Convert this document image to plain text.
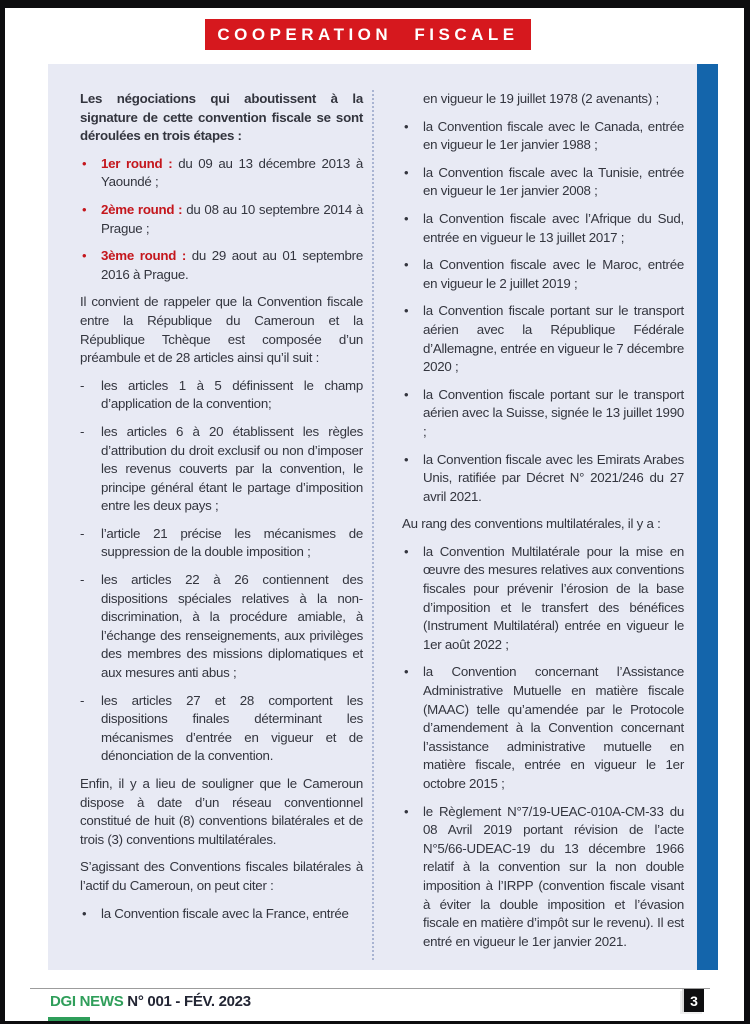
COOPERATION FISCALE

Les négociations qui aboutissent à la signature de cette convention fiscale se sont déroulées en trois étapes :

• 1er round : du 09 au 13 décembre 2013 à Yaoundé ;
• 2ème round : du 08 au 10 septembre 2014 à Prague ;
• 3ème round : du 29 aout au 01 septembre 2016 à Prague.

Il convient de rappeler que la Convention fiscale entre la République du Cameroun et la République Tchèque est composée d’un préambule et de 28 articles ainsi qu’il suit :

- les articles 1 à 5 définissent le champ d’application de la convention;
- les articles 6 à 20 établissent les règles d’attribution du droit exclusif ou non d’imposer les revenus couverts par la convention, le principe général étant le partage d’imposition entre les deux pays ;
- l’article 21 précise les mécanismes de suppression de la double imposition ;
- les articles 22 à 26 contiennent des dispositions spéciales relatives à la non-discrimination, à la procédure amiable, à l’échange des renseignements, aux privilèges des membres des missions diplomatiques et aux mesures anti abus ;
- les articles 27 et 28 comportent les dispositions finales déterminant les mécanismes d’entrée en vigueur et de dénonciation de la convention.

Enfin, il y a lieu de souligner que le Cameroun dispose à date d’un réseau conventionnel constitué de huit (8) conventions bilatérales et de trois (3) conventions multilatérales.

S’agissant des Conventions fiscales bilatérales à l’actif du Cameroun, on peut citer :

• la Convention fiscale avec la France, entrée

en vigueur le 19 juillet 1978 (2 avenants) ;

• la Convention fiscale avec le Canada, entrée en vigueur le 1er janvier 1988 ;
• la Convention fiscale avec la Tunisie, entrée en vigueur le 1er janvier 2008 ;
• la Convention fiscale avec l’Afrique du Sud, entrée en vigueur le 13 juillet 2017 ;
• la Convention fiscale avec le Maroc, entrée en vigueur le 2 juillet 2019 ;
• la Convention fiscale portant sur le transport aérien avec la République Fédérale d’Allemagne, entrée en vigueur le 7 décembre 2020 ;
• la Convention fiscale portant sur le transport aérien avec la Suisse, signée le 13 juillet 1990 ;
• la Convention fiscale avec les Emirats Arabes Unis, ratifiée par Décret N° 2021/246 du 27 avril 2021.

Au rang des conventions multilatérales, il y a :

• la Convention Multilatérale pour la mise en œuvre des mesures relatives aux conventions fiscales pour prévenir l’érosion de la base d’imposition et le transfert des bénéfices (Instrument Multilatéral) entrée en vigueur le 1er août 2022 ;
• la Convention concernant l’Assistance Administrative Mutuelle en matière fiscale (MAAC) telle qu’amendée par le Protocole d’amendement à la Convention concernant l’assistance administrative mutuelle en matière fiscale, entrée en vigueur le 1er octobre 2015 ;
• le Règlement N°7/19-UEAC-010A-CM-33 du 08 Avril 2019 portant révision de l’acte N°5/66-UDEAC-19 du 13 décembre 1966 relatif à la convention sur la non double imposition à l’IRPP (convention fiscale visant à éviter la double imposition et l’évasion fiscale en matière d’impôt sur le revenu). Il est entré en vigueur le 1er janvier 2021.
DGI NEWS N° 001 - FÉV. 2023	3
